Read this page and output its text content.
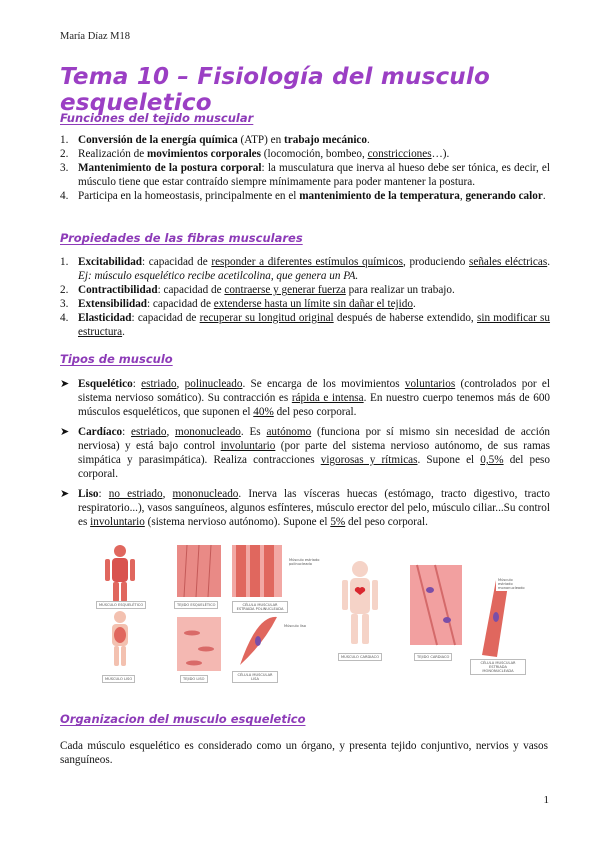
María Díaz M18
Tema 10 – Fisiología del musculo esqueletico
Funciones del tejido muscular
1. Conversión de la energía química (ATP) en trabajo mecánico.
2. Realización de movimientos corporales (locomoción, bombeo, constricciones…).
3. Mantenimiento de la postura corporal: la musculatura que inerva al hueso debe ser tónica, es decir, el músculo tiene que estar contraído siempre mínimamente para poder mantener la postura.
4. Participa en la homeostasis, principalmente en el mantenimiento de la temperatura, generando calor.
Propiedades de las fibras musculares
1. Excitabilidad: capacidad de responder a diferentes estímulos químicos, produciendo señales eléctricas. Ej: músculo esquelético recibe acetilcolina, que genera un PA.
2. Contractibilidad: capacidad de contraerse y generar fuerza para realizar un trabajo.
3. Extensibilidad: capacidad de extenderse hasta un límite sin dañar el tejido.
4. Elasticidad: capacidad de recuperar su longitud original después de haberse extendido, sin modificar su estructura.
Tipos de musculo
➤ Esquelético: estriado, polinucleado. Se encarga de los movimientos voluntarios (controlados por el sistema nervioso somático). Su contracción es rápida e intensa. En nuestro cuerpo tenemos más de 600 músculos esqueléticos, que suponen el 40% del peso corporal.
➤ Cardíaco: estriado, mononucleado. Es autónomo (funciona por sí mismo sin necesidad de acción nerviosa) y está bajo control involuntario (por parte del sistema nervioso autónomo, de sus ramas simpática y parasimpática). Realiza contracciones vigorosas y rítmicas. Supone el 0,5% del peso corporal.
➤ Liso: no estriado, mononucleado. Inerva las vísceras huecas (estómago, tracto digestivo, tracto respiratorio...), vasos sanguíneos, algunos esfínteres, músculo erector del pelo, músculo ciliar...Su control es involuntario (sistema nervioso autónomo). Supone el 5% del peso corporal.
MÚSCULO ESQUELÉTICO	TEJIDO ESQUELÉTICO	CÉLULA MUSCULAR ESTRIADA POLINUCLEADA
Músculo estriado polinucleado
MÚSCULO LISO	TEJIDO LISO
CÉLULA MUSCULAR LISA
Músculo liso
MÚSCULO CARDIACO	TEJIDO CARDIACO
CÉLULA MUSCULAR ESTRIADA MONONUCLEADA
Músculo estriado mononucleado
Organizacion del musculo esqueletico
Cada músculo esquelético es considerado como un órgano, y presenta tejido conjuntivo, nervios y vasos sanguíneos.
1
